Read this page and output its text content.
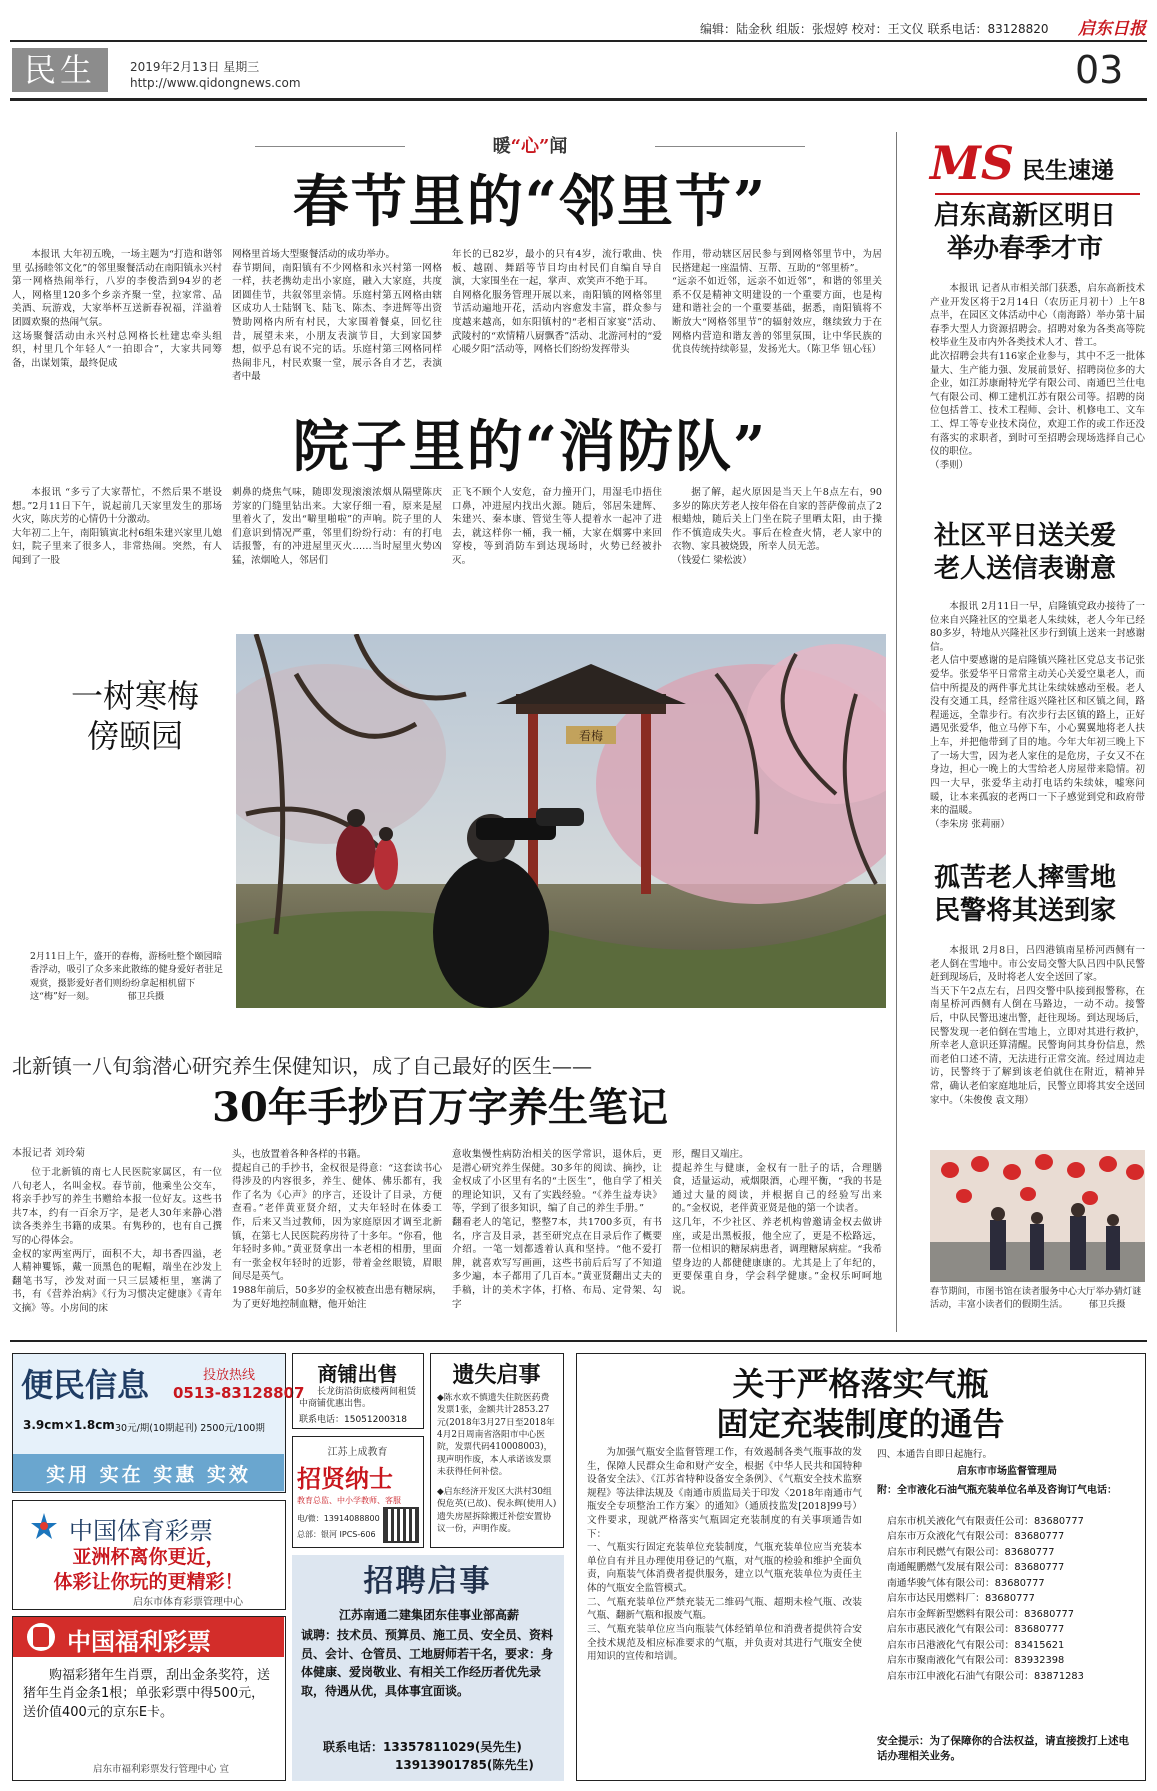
编辑：陆金秋 组版：张煜婷 校对：王文仪 联系电话：83128820 启东日报
民生	2019年2月13日 星期三
http://www.qidongnews.com	03
暖“心”闻
春节里的“邻里节”

本报讯 大年初五晚，一场主题为“打造和谐邻里 弘扬睦邻文化”的邻里聚餐活动在南阳镇永兴村第一网格热闹举行，八岁的李俊浩到94岁的老人，网格里120多个乡亲齐聚一堂，拉家常、品美酒、玩游戏，大家举杯互送新春祝福，洋溢着团圆欢聚的热闹气氛。
这场聚餐活动由永兴村总网格长杜建忠牵头组织，村里几个年轻人“一拍即合”，大家共同筹备，出谋划策，最终促成

网格里首场大型聚餐活动的成功举办。
春节期间，南阳镇有不少网格和永兴村第一网格一样，扶老携幼走出小家庭，融入大家庭，共度团圆佳节，共叙邻里亲情。乐庭村第五网格由辖区成功人士陆钢飞、陆飞、陈杰、李进辉等出资赞助网格内所有村民，大家围着餐桌，回忆往昔，展望未来，小朋友表演节目，大到家国梦想，似乎总有说不完的话。乐庭村第三网格同样热闹非凡，村民欢聚一堂，展示各自才艺，表演者中最

年长的已82岁，最小的只有4岁，流行歌曲、快板、越剧、舞蹈等节目均由村民们自编自导自演，大家围坐在一起，掌声、欢笑声不绝于耳。
自网格化服务管理开展以来，南阳镇的网格邻里节活动遍地开花，活动内容愈发丰富，群众参与度越来越高，如东阳镇村的“老相百家宴”活动、武陵村的“欢情精八厨飘香”活动、北游河村的“爱心暖夕阳”活动等，网格长们纷纷发挥带头

作用，带动辖区居民参与到网格邻里节中，为居民搭建起一座温情、互帮、互助的“邻里桥”。
“远亲不如近邻，远亲不如近邻”，和谐的邻里关系不仅是精神文明建设的一个重要方面，也是构建和谐社会的一个重要基础，据悉，南阳镇将不断放大“网格邻里节”的辐射效应，继续致力于在网格内营造和谐友善的邻里氛围，让中华民族的优良传统持续彰显，发扬光大。（陈卫华 钮心钰）

院子里的“消防队”

本报讯 “多亏了大家帮忙，不然后果不堪设想。”2月11日下午，说起前几天家里发生的那场火灾，陈庆芳的心情仍十分激动。
大年初二上午，南阳镇寅北村6组朱建兴家里儿媳妇，院子里来了很多人，非常热闹。突然，有人闻到了一股

刺鼻的烧焦气味，随即发现滚滚浓烟从隔壁陈庆芳家的门缝里钻出来。大家仔细一看，原来是屋里着火了，发出“噼里啪啦”的声响。院子里的人们意识到情况严重，邻里们纷纷行动：有的打电话报警，有的冲进屋里灭火……当时屋里火势凶猛，浓烟呛人，邻居们

正飞不顾个人安危，奋力撞开门，用湿毛巾捂住口鼻，冲进屋内找出火源。随后，邻居朱建辉、朱建兴、秦本康、管觉生等人提着水一起冲了进去，就这样你一桶，我一桶，大家在烟雾中来回穿梭，等到消防车到达现场时，火势已经被扑灭。

据了解，起火原因是当天上午8点左右，90多岁的陈庆芳老人按年俗在自家的菩萨像前点了2根蜡烛，随后关上门坐在院子里晒太阳，由于操作不慎造成失火。事后在检查火情，老人家中的衣物、家具被烧毁，所幸人员无恙。
（钱爱仁 梁松波）

一树寒梅
傍颐园	看梅
2月11日上午，盛开的春梅，游杨吐整个颐园暗香浮动，吸引了众多来此散练的健身爱好者驻足观赏，摄影爱好者们则纷纷拿起相机留下这“梅”好一刻。	郁卫兵摄
北新镇一八旬翁潜心研究养生保健知识，成了自己最好的医生——
30年手抄百万字养生笔记
本报记者 刘玲菊

位于北新镇的南七人民医院家属区，有一位八旬老人，名叫金权。春节前，他乘坐公交车，将亲手抄写的养生书赠给本报一位好友。这些书共7本，约有一百余万字，是老人30年来静心潜读各类养生书籍的成果。有隽秒的，也有自己撰写的心得体会。
金权的家两室两厅，面积不大，却书香四溢，老人精神矍铄，戴一顶黑色的呢帽，端坐在沙发上翻笔书写，沙发对面一只三层矮柜里，塞满了书，有《营养治病》《行为习惯决定健康》《青年文摘》等。小房间的床

头，也放置着各种各样的书籍。
提起自己的手抄书，金权很是得意：“这套读书心得涉及的内容很多，养生、健体、佛乐都有，我作了名为《心声》的序言，还设计了目录，方便查看。”老伴黄亚贤介绍，丈夫年轻时在体委工作，后来又当过教师，因为家庭原因才调至北新镇，在第七人民医院药房待了十多年。“你看，他年轻时多帅。”黄亚贤拿出一本老相的相册，里面有一张金权年轻时的近影，带着金丝眼镜，眉眼间尽是英气。
1988年前后，50多岁的金权被查出患有糖尿病，为了更好地控制血糖，他开始注

意收集慢性病防治相关的医学常识，退休后，更是潜心研究养生保健。30多年的阅读、摘抄，让金权成了小区里有名的“土医生”，他自学了相关的理论知识，又有了实践经验。“《养生益寿诀》等，学到了很多知识，编了自己的养生手册。”
翻看老人的笔记，整整7本，共1700多页，有书名，序言及目录，甚至研究点在目录后作了概要介绍。一笔一划都透着认真和坚持。“他不爱打牌，就喜欢写写画画，这些书前后后写了不知道多少遍，本子都用了几百本。”黄亚贤翻出丈夫的手稿，计的美术字体，打格、布局、定骨架、勾字

形，醒目又端庄。
提起养生与健康，金权有一肚子的话，合理膳食，适量运动，戒烟限酒，心理平衡，“我的书是通过大量的阅读，并根据自己的经验写出来的。”金权说，老伴黄亚贤是他的第一个读者。
这几年，不少社区、养老机构曾邀请金权去做讲座，或是出黑板报，他全应了，更是不松路远，帮一位相识的糖尿病患者，调理糖尿病症。“我希望身边的人都健健康康的。尤其是上了年纪的，更要保重自身，学会科学健康。”金权乐呵呵地说。

MS 民生速递
启东高新区明日
举办春季才市

本报讯 记者从市相关部门获悉，启东高新技术产业开发区将于2月14日（农历正月初十）上午8点半，在园区文体活动中心（南海路）举办第十届春季大型人力资源招聘会。招聘对象为各类高等院校毕业生及市内外各类技术人才、普工。
此次招聘会共有116家企业参与，其中不乏一批体量大、生产能力强、发展前景好、招聘岗位多的大企业，如江苏康耐特光学有限公司、南通巴兰仕电气有限公司、柳工建机江苏有限公司等。招聘的岗位包括普工、技术工程师、会计、机修电工、文车工、焊工等专业技术岗位，欢迎工作的或工作还没有落实的求职者，到时可至招聘会现场选择自己心仪的职位。
（季则）

社区平日送关爱
老人送信表谢意

本报讯 2月11日一早，启隆镇党政办接待了一位来自兴隆社区的空巢老人朱续妹，老人今年已经80多岁，特地从兴隆社区步行到镇上送来一封感谢信。
老人信中要感谢的是启隆镇兴隆社区党总支书记张爱华。张爱华平日常常主动关心关爱空巢老人，而信中所提及的两件事尤其让朱续妹感动至极。老人没有交通工具，经常往返兴隆社区和区镇之间，路程遥远，全靠步行。有次步行去区镇的路上，正好遇见张爱华，他立马停下车，小心翼翼地将老人扶上车，并把他带到了目的地。今年大年初三晚上下了一场大雪，因为老人家住的是危房，子女又不在身边，担心一晚上的大雪给老人房屋带来隐情。初四一大早，张爱华主动打电话约朱续妹，嘘寒问暖，让本来孤寂的老两口一下子感觉到党和政府带来的温暖。
（李朱房 张莉丽）

孤苦老人摔雪地
民警将其送到家

本报讯 2月8日，吕四港镇南星桥河西侧有一老人倒在雪地中。市公安局交警大队吕四中队民警赶到现场后，及时将老人安全送回了家。
当天下午2点左右，吕四交警中队接到报警称，在南星桥河西侧有人倒在马路边，一动不动。接警后，中队民警迅速出警，赶往现场。到达现场后，民警发现一老伯倒在雪地上，立即对其进行救护，所幸老人意识还算清醒。民警询问其身份信息，然而老伯口述不清，无法进行正常交流。经过周边走访，民警终于了解到该老伯就住在附近，精神异常，确认老伯家庭地址后，民警立即将其安全送回家中。（朱俊俊 袁文翔）

春节期间，市图书馆在读者服务中心大厅举办猜灯谜活动，丰富小读者们的假期生活。 郁卫兵摄
便民信息	投放热线
0513-83128807
3.9cm×1.8cm 30元/期(10期起刊) 2500元/100期
实用 实在 实惠 实效
商铺出售
长龙街沿街底楼两间租赁中商铺优惠出售。
联系电话：15051200318
江苏上成教育
招贤纳士
教育总监、中小学教师、客服
电/微：13914088800
总部：银河 IPCS-606
遗失启事
◆陈水欢不慎遗失住院医药费发票1张，金额共计2853.27元(2018年3月27日至2018年4月2日周南省洛阳市中心医院，发票代码410008003)，现声明作废，本人承诺该发票未获得任何补偿。
◆启东经济开发区大洪村30组倪危英(已故)、倪永辉(使用人)遗失房屋拆除搬迁补偿安置协议一份，声明作废。
中国体育彩票
亚洲杯离你更近，
体彩让你玩的更精彩！
启东市体育彩票管理中心
中国福利彩票
购福彩猪年生肖票，刮出金条奖符，送猪年生肖金条1根；单张彩票中得500元，送价值400元的京东E卡。
启东市福利彩票发行管理中心 宣
招聘启事
江苏南通二建集团东佳事业部高薪
诚聘：技术员、预算员、施工员、安全员、资料员、会计、仓管员、工地厨师若干名，要求：身体健康、爱岗敬业、有相关工作经历者优先录取，待遇从优，具体事宜面谈。
联系电话：13357811029(吴先生)
13913901785(陈先生)
关于严格落实气瓶
固定充装制度的通告

为加强气瓶安全监督管理工作，有效遏制各类气瓶事故的发生，保障人民群众生命和财产安全，根据《中华人民共和国特种设备安全法》、《江苏省特种设备安全条例》、《气瓶安全技术监察规程》等法律法规及《南通市质监局关于印发〈2018年南通市气瓶安全专项整治工作方案〉的通知》（通质技监发[2018]99号）文件要求，现就严格落实气瓶固定充装制度的有关事项通告如下：
一、气瓶实行固定充装单位充装制度，气瓶充装单位应当充装本单位自有并且办理使用登记的气瓶，对气瓶的检验和维护全面负责，向瓶装气体消费者提供服务，建立以气瓶充装单位为责任主体的气瓶安全监管模式。
二、气瓶充装单位严禁充装无二维码气瓶、超期未检气瓶、改装气瓶、翻新气瓶和报废气瓶。
三、气瓶充装单位应当向瓶装气体经销单位和消费者提供符合安全技术规范及相应标准要求的气瓶，并负责对其进行气瓶安全使用知识的宣传和培训。

四、本通告自即日起施行。
启东市市场监督管理局
附：全市液化石油气瓶充装单位名单及咨询订气电话：
启东市机关液化气有限责任公司：83680777
启东市万众液化气有限公司：83680777
启东市利民燃气有限公司：83680777
南通鲲鹏燃气发展有限公司：83680777
南通华骏气体有限公司：83680777
启东市达民用燃料厂：83680777
启东市金辉新型燃料有限公司：83680777
启东市惠民液化气有限公司：83680777
启东市吕港液化气有限公司：83415621
启东市聚南液化气有限公司：83932398
启东市江申液化石油气有限公司：83871283
安全提示：为了保障你的合法权益，请直接拨打上述电话办理相关业务。
